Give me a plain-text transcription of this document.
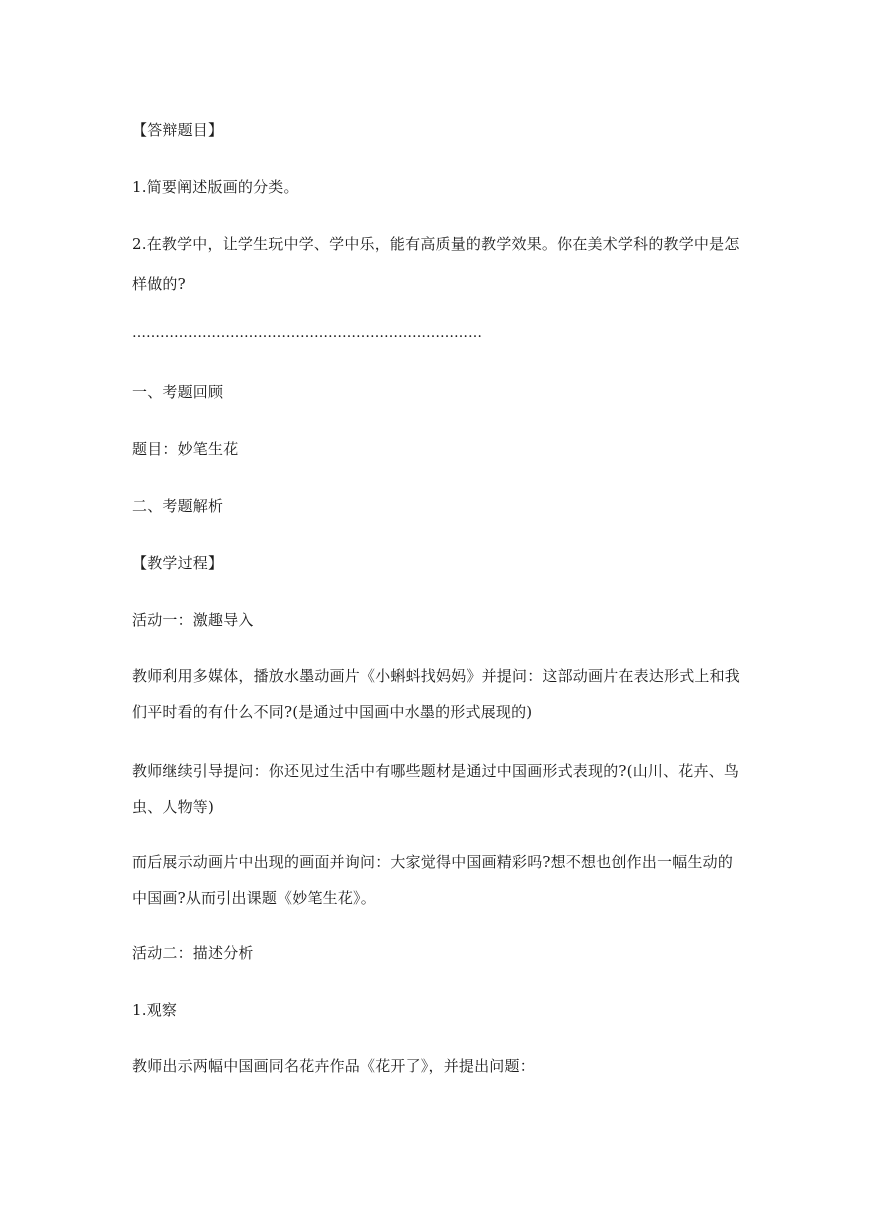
【答辩题目】
1.简要阐述版画的分类。
2.在教学中，让学生玩中学、学中乐，能有高质量的教学效果。你在美术学科的教学中是怎
样做的?
…………………………………………………………………
一、考题回顾
题目：妙笔生花
二、考题解析
【教学过程】
活动一：激趣导入
教师利用多媒体，播放水墨动画片《小蝌蚪找妈妈》并提问：这部动画片在表达形式上和我
们平时看的有什么不同?(是通过中国画中水墨的形式展现的)
教师继续引导提问：你还见过生活中有哪些题材是通过中国画形式表现的?(山川、花卉、鸟
虫、人物等)
而后展示动画片中出现的画面并询问：大家觉得中国画精彩吗?想不想也创作出一幅生动的
中国画?从而引出课题《妙笔生花》。
活动二：描述分析
1.观察
教师出示两幅中国画同名花卉作品《花开了》，并提出问题：
